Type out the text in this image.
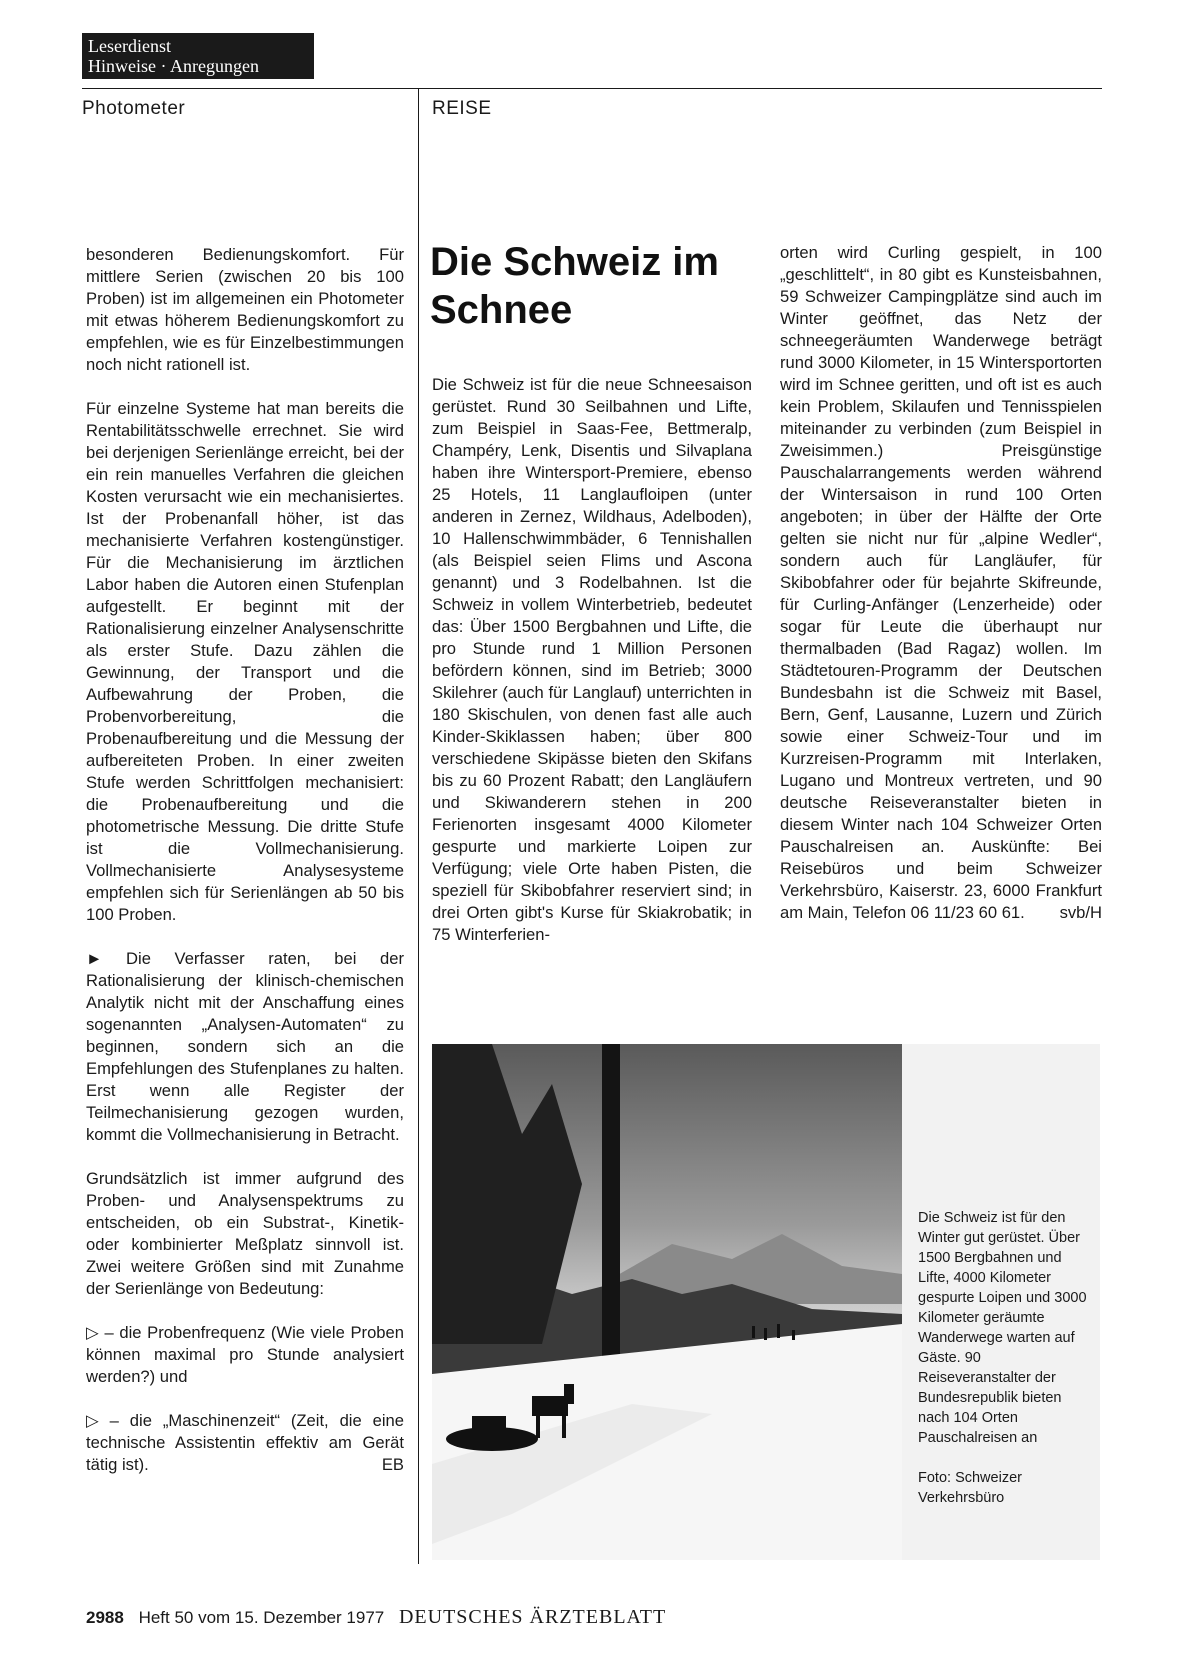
Leserdienst
Hinweise · Anregungen
Photometer	REISE

besonderen Bedienungskomfort. Für mittlere Serien (zwischen 20 bis 100 Proben) ist im allgemeinen ein Photometer mit etwas höherem Bedienungskomfort zu empfehlen, wie es für Einzelbestimmungen noch nicht rationell ist.

Für einzelne Systeme hat man bereits die Rentabilitätsschwelle errechnet. Sie wird bei derjenigen Serienlänge erreicht, bei der ein rein manuelles Verfahren die gleichen Kosten verursacht wie ein mechanisiertes. Ist der Probenanfall höher, ist das mechanisierte Verfahren kostengünstiger. Für die Mechanisierung im ärztlichen Labor haben die Autoren einen Stufenplan aufgestellt. Er beginnt mit der Rationalisierung einzelner Analysenschritte als erster Stufe. Dazu zählen die Gewinnung, der Transport und die Aufbewahrung der Proben, die Probenvorbereitung, die Probenaufbereitung und die Messung der aufbereiteten Proben. In einer zweiten Stufe werden Schrittfolgen mechanisiert: die Probenaufbereitung und die photometrische Messung. Die dritte Stufe ist die Vollmechanisierung. Vollmechanisierte Analysesysteme empfehlen sich für Serienlängen ab 50 bis 100 Proben.

► Die Verfasser raten, bei der Rationalisierung der klinisch-chemischen Analytik nicht mit der Anschaffung eines sogenannten „Analysen-Automaten“ zu beginnen, sondern sich an die Empfehlungen des Stufenplanes zu halten. Erst wenn alle Register der Teilmechanisierung gezogen wurden, kommt die Vollmechanisierung in Betracht.

Grundsätzlich ist immer aufgrund des Proben- und Analysenspektrums zu entscheiden, ob ein Substrat-, Kinetik- oder kombinierter Meßplatz sinnvoll ist. Zwei weitere Größen sind mit Zunahme der Serienlänge von Bedeutung:

▷ – die Probenfrequenz (Wie viele Proben können maximal pro Stunde analysiert werden?) und

▷ – die „Maschinenzeit“ (Zeit, die eine technische Assistentin effektiv am Gerät tätig ist).	EB

Die Schweiz im Schnee

Die Schweiz ist für die neue Schneesaison gerüstet. Rund 30 Seilbahnen und Lifte, zum Beispiel in Saas-Fee, Bettmeralp, Champéry, Lenk, Disentis und Silvaplana haben ihre Wintersport-Premiere, ebenso 25 Hotels, 11 Langlaufloipen (unter anderen in Zernez, Wildhaus, Adelboden), 10 Hallenschwimmbäder, 6 Tennishallen (als Beispiel seien Flims und Ascona genannt) und 3 Rodelbahnen. Ist die Schweiz in vollem Winterbetrieb, bedeutet das: Über 1500 Bergbahnen und Lifte, die pro Stunde rund 1 Million Personen befördern können, sind im Betrieb; 3000 Skilehrer (auch für Langlauf) unterrichten in 180 Skischulen, von denen fast alle auch Kinder-Skiklassen haben; über 800 verschiedene Skipässe bieten den Skifans bis zu 60 Prozent Rabatt; den Langläufern und Skiwanderern stehen in 200 Ferienorten insgesamt 4000 Kilometer gespurte und markierte Loipen zur Verfügung; viele Orte haben Pisten, die speziell für Skibobfahrer reserviert sind; in drei Orten gibt's Kurse für Skiakrobatik; in 75 Winterferien-

orten wird Curling gespielt, in 100 „geschlittelt“, in 80 gibt es Kunsteisbahnen, 59 Schweizer Campingplätze sind auch im Winter geöffnet, das Netz der schneegeräumten Wanderwege beträgt rund 3000 Kilometer, in 15 Wintersportorten wird im Schnee geritten, und oft ist es auch kein Problem, Skilaufen und Tennisspielen miteinander zu verbinden (zum Beispiel in Zweisimmen.) Preisgünstige Pauschalarrangements werden während der Wintersaison in rund 100 Orten angeboten; in über der Hälfte der Orte gelten sie nicht nur für „alpine Wedler“, sondern auch für Langläufer, für Skibobfahrer oder für bejahrte Skifreunde, für Curling-Anfänger (Lenzerheide) oder sogar für Leute die überhaupt nur thermalbaden (Bad Ragaz) wollen. Im Städtetouren-Programm der Deutschen Bundesbahn ist die Schweiz mit Basel, Bern, Genf, Lausanne, Luzern und Zürich sowie einer Schweiz-Tour und im Kurzreisen-Programm mit Interlaken, Lugano und Montreux vertreten, und 90 deutsche Reiseveranstalter bieten in diesem Winter nach 104 Schweizer Orten Pauschalreisen an. Auskünfte: Bei Reisebüros und beim Schweizer Verkehrsbüro, Kaiserstr. 23, 6000 Frankfurt am Main, Telefon 06 11/23 60 61. svb/H

Die Schweiz ist für den Winter gut gerüstet. Über 1500 Bergbahnen und Lifte, 4000 Kilometer gespurte Loipen und 3000 Kilometer geräumte Wanderwege warten auf Gäste. 90 Reiseveranstalter der Bundesrepublik bieten nach 104 Orten Pauschalreisen an

Foto: Schweizer Verkehrsbüro

2988 Heft 50 vom 15. Dezember 1977 DEUTSCHES ÄRZTEBLATT
